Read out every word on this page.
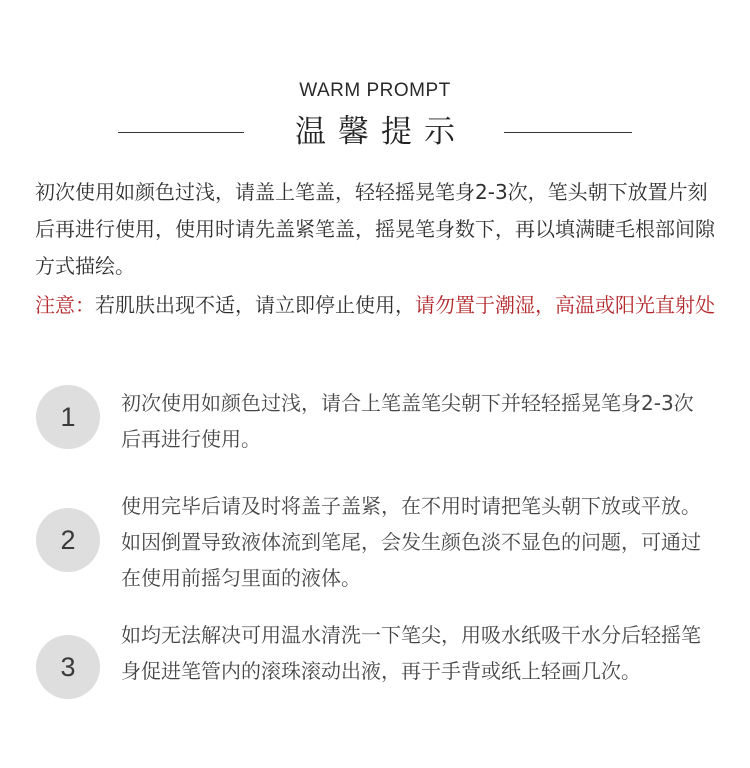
WARM PROMPT
温馨提示
初次使用如颜色过浅，请盖上笔盖，轻轻摇晃笔身2-3次，笔头朝下放置片刻后再进行使用，使用时请先盖紧笔盖，摇晃笔身数下，再以填满睫毛根部间隙方式描绘。
注意：若肌肤出现不适，请立即停止使用，请勿置于潮湿，高温或阳光直射处
1	初次使用如颜色过浅，请合上笔盖笔尖朝下并轻轻摇晃笔身2-3次后再进行使用。
2
使用完毕后请及时将盖子盖紧，在不用时请把笔头朝下放或平放。如因倒置导致液体流到笔尾，会发生颜色淡不显色的问题，可通过在使用前摇匀里面的液体。
3
如均无法解决可用温水清洗一下笔尖，用吸水纸吸干水分后轻摇笔身促进笔管内的滚珠滚动出液，再于手背或纸上轻画几次。
